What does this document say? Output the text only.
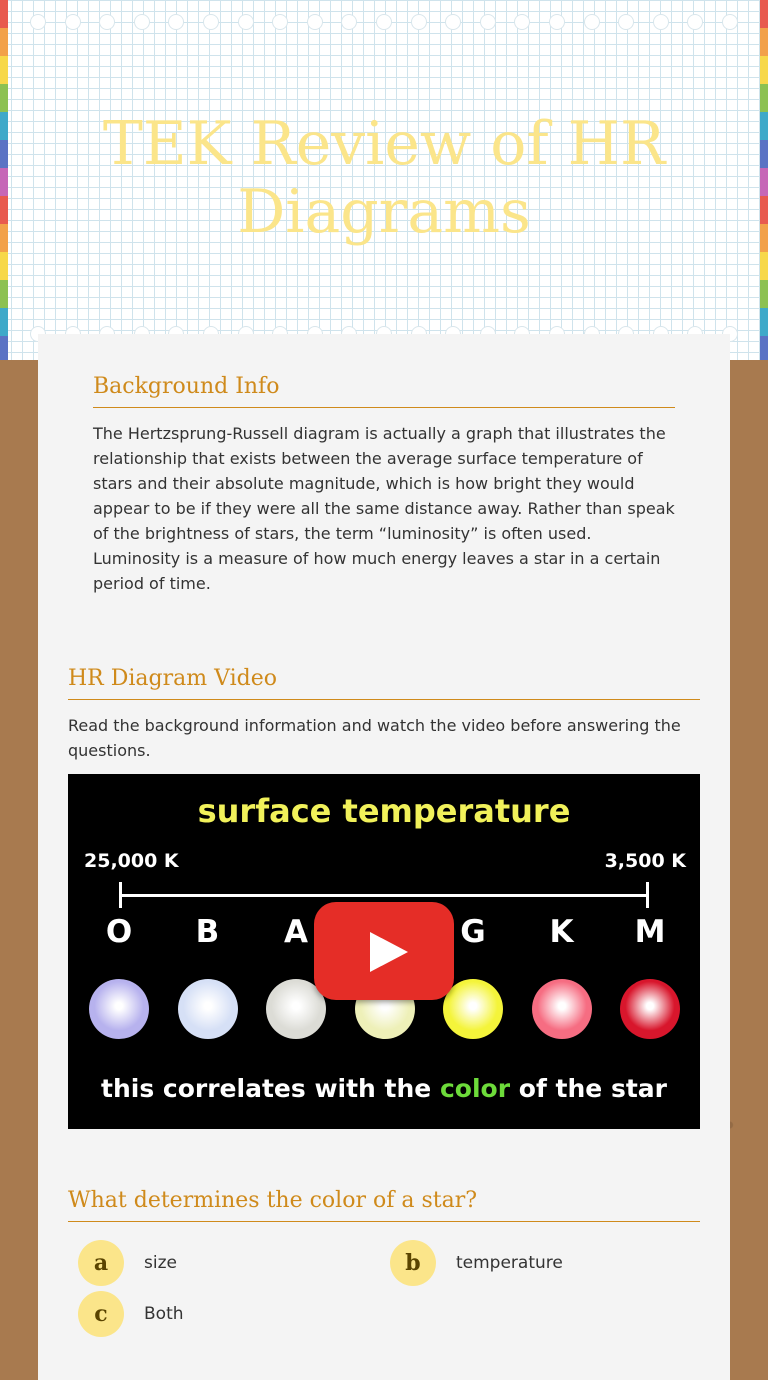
TEK Review of HR Diagrams
Background Info

The Hertzsprung-Russell diagram is actually a graph that illustrates the relationship that exists between the average surface temperature of stars and their absolute magnitude, which is how bright they would appear to be if they were all the same distance away. Rather than speak of the brightness of stars, the term “luminosity” is often used. Luminosity is a measure of how much energy leaves a star in a certain period of time.

HR Diagram Video

Read the background information and watch the video before answering the questions.

surface temperature
25,000 K	3,500 K
O	B	A	G	K	M
this correlates with the color of the star
What determines the color of a star?
a	size	b	temperature
c	Both
